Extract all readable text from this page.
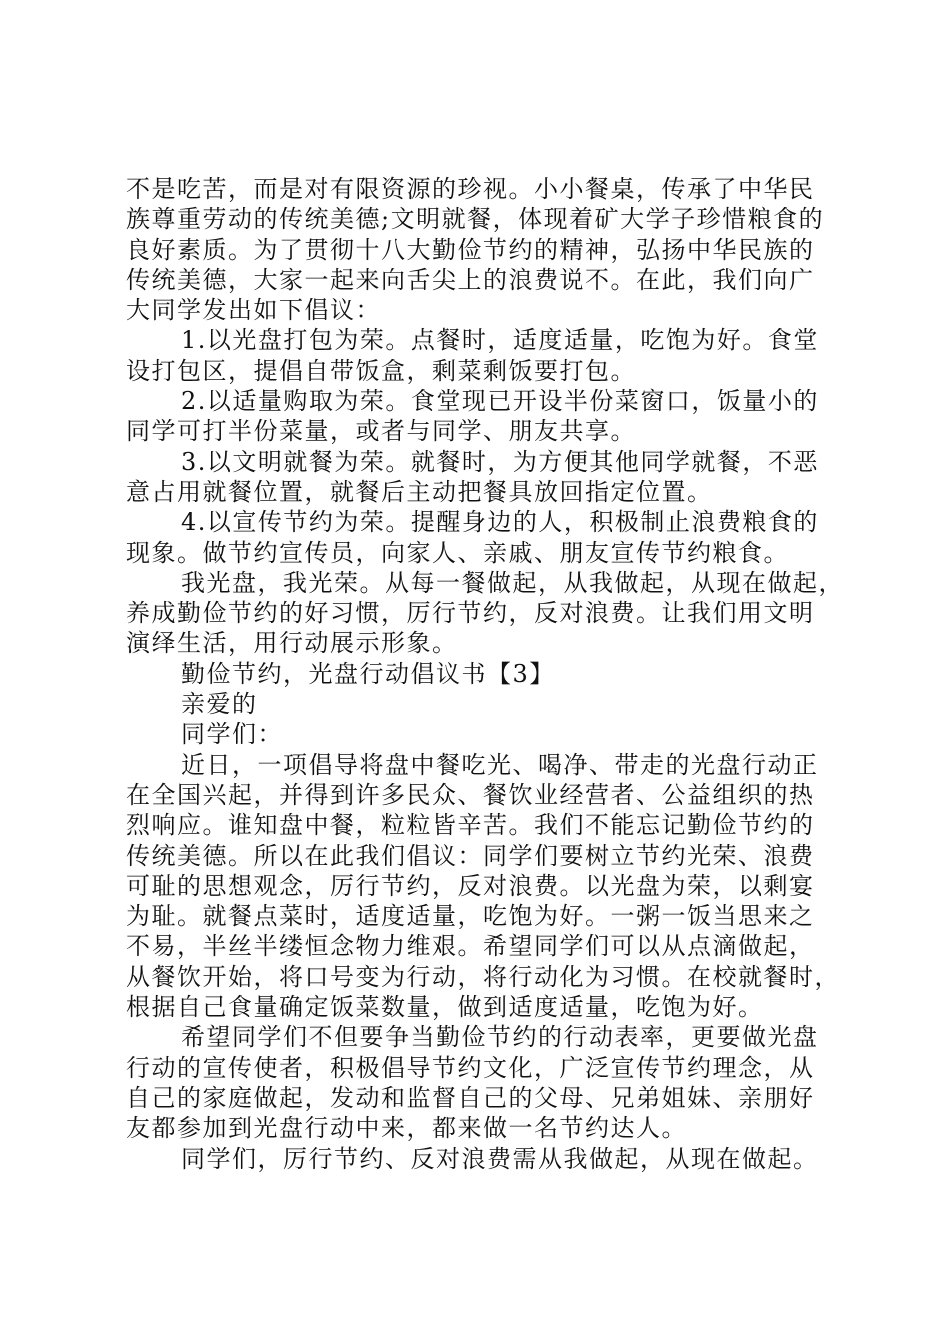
不是吃苦，而是对有限资源的珍视。小小餐桌，传承了中华民
族尊重劳动的传统美德;文明就餐，体现着矿大学子珍惜粮食的
良好素质。为了贯彻十八大勤俭节约的精神，弘扬中华民族的
传统美德，大家一起来向舌尖上的浪费说不。在此，我们向广
大同学发出如下倡议：
1.以光盘打包为荣。点餐时，适度适量，吃饱为好。食堂
设打包区，提倡自带饭盒，剩菜剩饭要打包。
2.以适量购取为荣。食堂现已开设半份菜窗口，饭量小的
同学可打半份菜量，或者与同学、朋友共享。
3.以文明就餐为荣。就餐时，为方便其他同学就餐，不恶
意占用就餐位置，就餐后主动把餐具放回指定位置。
4.以宣传节约为荣。提醒身边的人，积极制止浪费粮食的
现象。做节约宣传员，向家人、亲戚、朋友宣传节约粮食。
我光盘，我光荣。从每一餐做起，从我做起，从现在做起，
养成勤俭节约的好习惯，厉行节约，反对浪费。让我们用文明
演绎生活，用行动展示形象。
勤俭节约，光盘行动倡议书【3】
亲爱的
同学们：
近日，一项倡导将盘中餐吃光、喝净、带走的光盘行动正
在全国兴起，并得到许多民众、餐饮业经营者、公益组织的热
烈响应。谁知盘中餐，粒粒皆辛苦。我们不能忘记勤俭节约的
传统美德。所以在此我们倡议：同学们要树立节约光荣、浪费
可耻的思想观念，厉行节约，反对浪费。以光盘为荣，以剩宴
为耻。就餐点菜时，适度适量，吃饱为好。一粥一饭当思来之
不易，半丝半缕恒念物力维艰。希望同学们可以从点滴做起，
从餐饮开始，将口号变为行动，将行动化为习惯。在校就餐时，
根据自己食量确定饭菜数量，做到适度适量，吃饱为好。
希望同学们不但要争当勤俭节约的行动表率，更要做光盘
行动的宣传使者，积极倡导节约文化，广泛宣传节约理念，从
自己的家庭做起，发动和监督自己的父母、兄弟姐妹、亲朋好
友都参加到光盘行动中来，都来做一名节约达人。
同学们，厉行节约、反对浪费需从我做起，从现在做起。
